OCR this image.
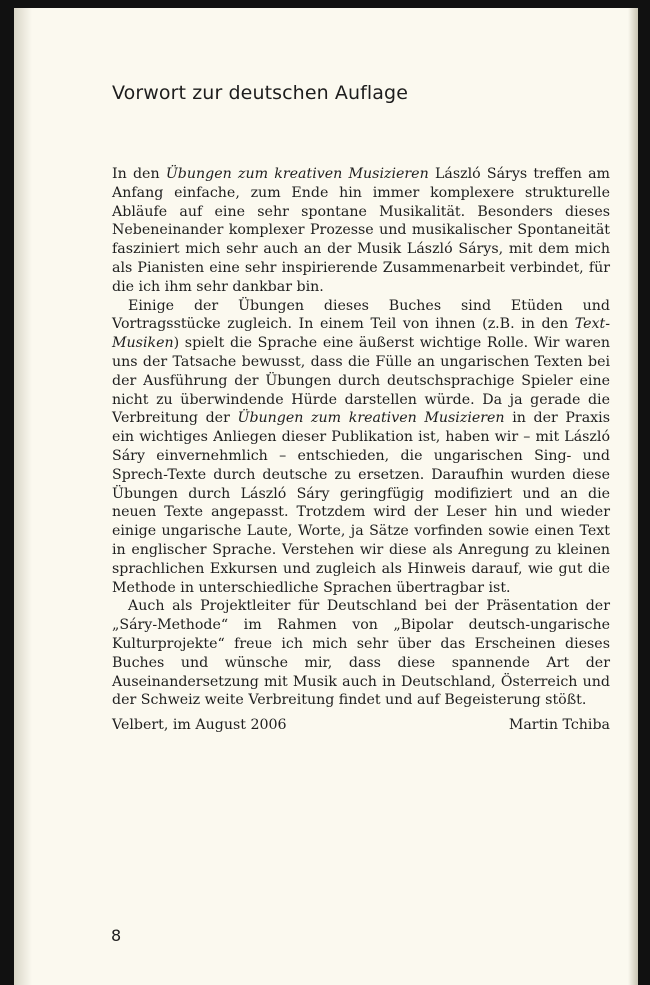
Vorwort zur deutschen Auflage

In den Übungen zum kreativen Musizieren László Sárys treffen am Anfang einfache, zum Ende hin immer komplexere strukturelle Abläufe auf eine sehr spontane Musikalität. Besonders dieses Nebeneinander komplexer Prozesse und musikalischer Spontaneität fasziniert mich sehr auch an der Musik László Sárys, mit dem mich als Pianisten eine sehr inspirierende Zusammenarbeit verbindet, für die ich ihm sehr dankbar bin.

Einige der Übungen dieses Buches sind Etüden und Vortragsstücke zugleich. In einem Teil von ihnen (z.B. in den Text-Musiken) spielt die Sprache eine äußerst wichtige Rolle. Wir waren uns der Tatsache bewusst, dass die Fülle an ungarischen Texten bei der Ausführung der Übungen durch deutschsprachige Spieler eine nicht zu überwindende Hürde darstellen würde. Da ja gerade die Verbreitung der Übungen zum kreativen Musizieren in der Praxis ein wichtiges Anliegen dieser Publikation ist, haben wir – mit László Sáry einvernehmlich – entschieden, die ungarischen Sing- und Sprech-Texte durch deutsche zu ersetzen. Daraufhin wurden diese Übungen durch László Sáry geringfügig modifiziert und an die neuen Texte angepasst. Trotzdem wird der Leser hin und wieder einige ungarische Laute, Worte, ja Sätze vorfinden sowie einen Text in englischer Sprache. Verstehen wir diese als Anregung zu kleinen sprachlichen Exkursen und zugleich als Hinweis darauf, wie gut die Methode in unterschiedliche Sprachen übertragbar ist.

Auch als Projektleiter für Deutschland bei der Präsentation der „Sáry-Methode“ im Rahmen von „Bipolar deutsch-ungarische Kulturprojekte“ freue ich mich sehr über das Erscheinen dieses Buches und wünsche mir, dass diese spannende Art der Auseinandersetzung mit Musik auch in Deutschland, Österreich und der Schweiz weite Verbreitung findet und auf Begeisterung stößt.

Velbert, im August 2006	Martin Tchiba
8
